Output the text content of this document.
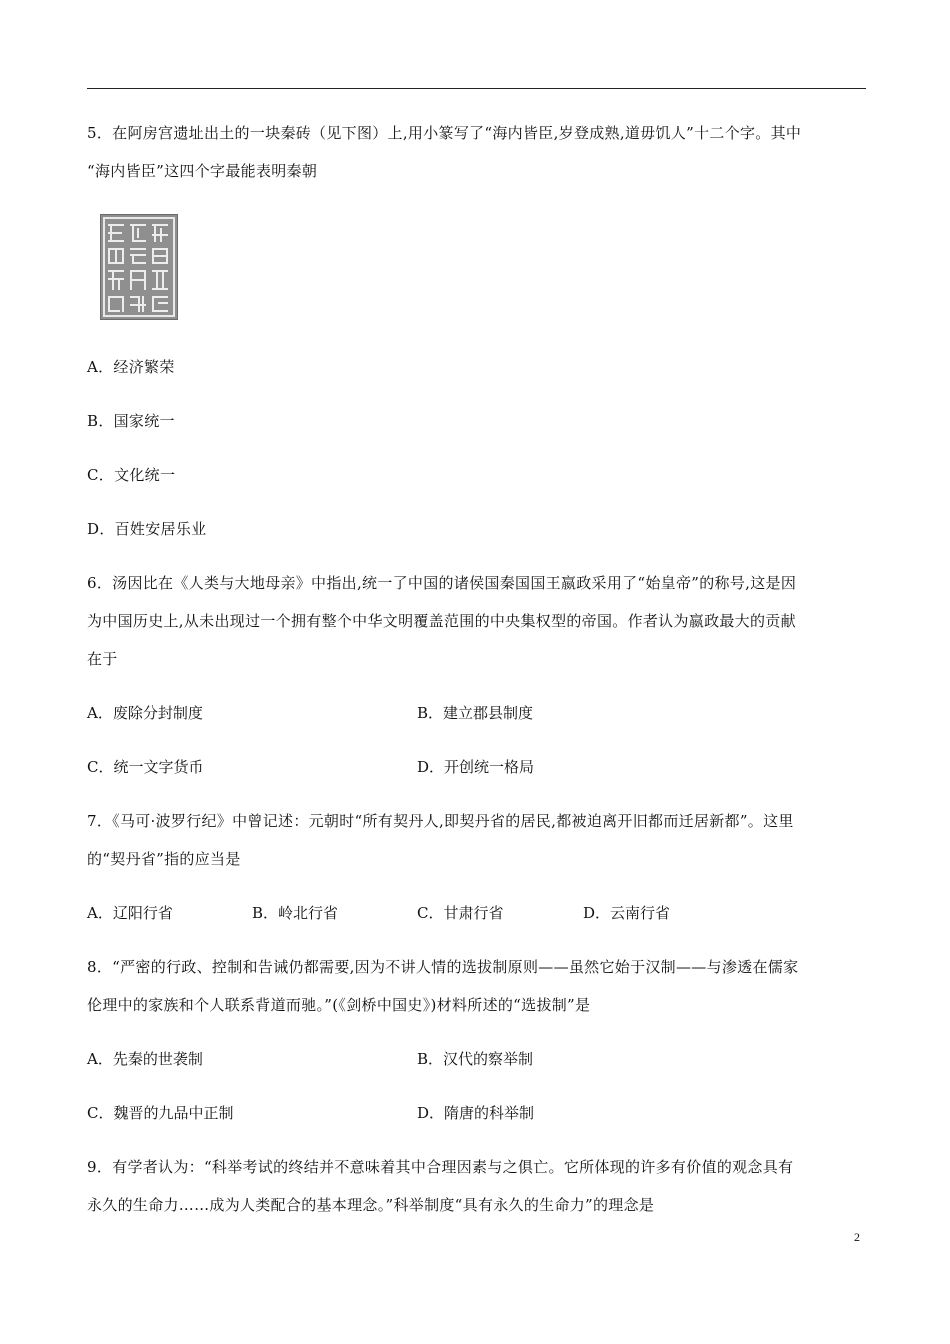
5．在阿房宫遗址出土的一块秦砖（见下图）上,用小篆写了“海内皆臣,岁登成熟,道毋饥人”十二个字。其中
“海内皆臣”这四个字最能表明秦朝
A．经济繁荣
B．国家统一
C．文化统一
D．百姓安居乐业
6．汤因比在《人类与大地母亲》中指出,统一了中国的诸侯国秦国国王嬴政采用了“始皇帝”的称号,这是因
为中国历史上,从未出现过一个拥有整个中华文明覆盖范围的中央集权型的帝国。作者认为嬴政最大的贡献
在于
A．废除分封制度	B．建立郡县制度
C．统一文字货币	D．开创统一格局
7．《马可·波罗行纪》中曾记述：元朝时“所有契丹人,即契丹省的居民,都被迫离开旧都而迁居新都”。这里
的“契丹省”指的应当是
A．辽阳行省	B．岭北行省	C．甘肃行省	D．云南行省
8．“严密的行政、控制和告诫仍都需要,因为不讲人情的选拔制原则——虽然它始于汉制——与渗透在儒家
伦理中的家族和个人联系背道而驰。”(《剑桥中国史》)材料所述的“选拔制”是
A．先秦的世袭制	B．汉代的察举制
C．魏晋的九品中正制	D．隋唐的科举制
9．有学者认为：“科举考试的终结并不意味着其中合理因素与之俱亡。它所体现的许多有价值的观念具有
永久的生命力……成为人类配合的基本理念。”科举制度“具有永久的生命力”的理念是
2
